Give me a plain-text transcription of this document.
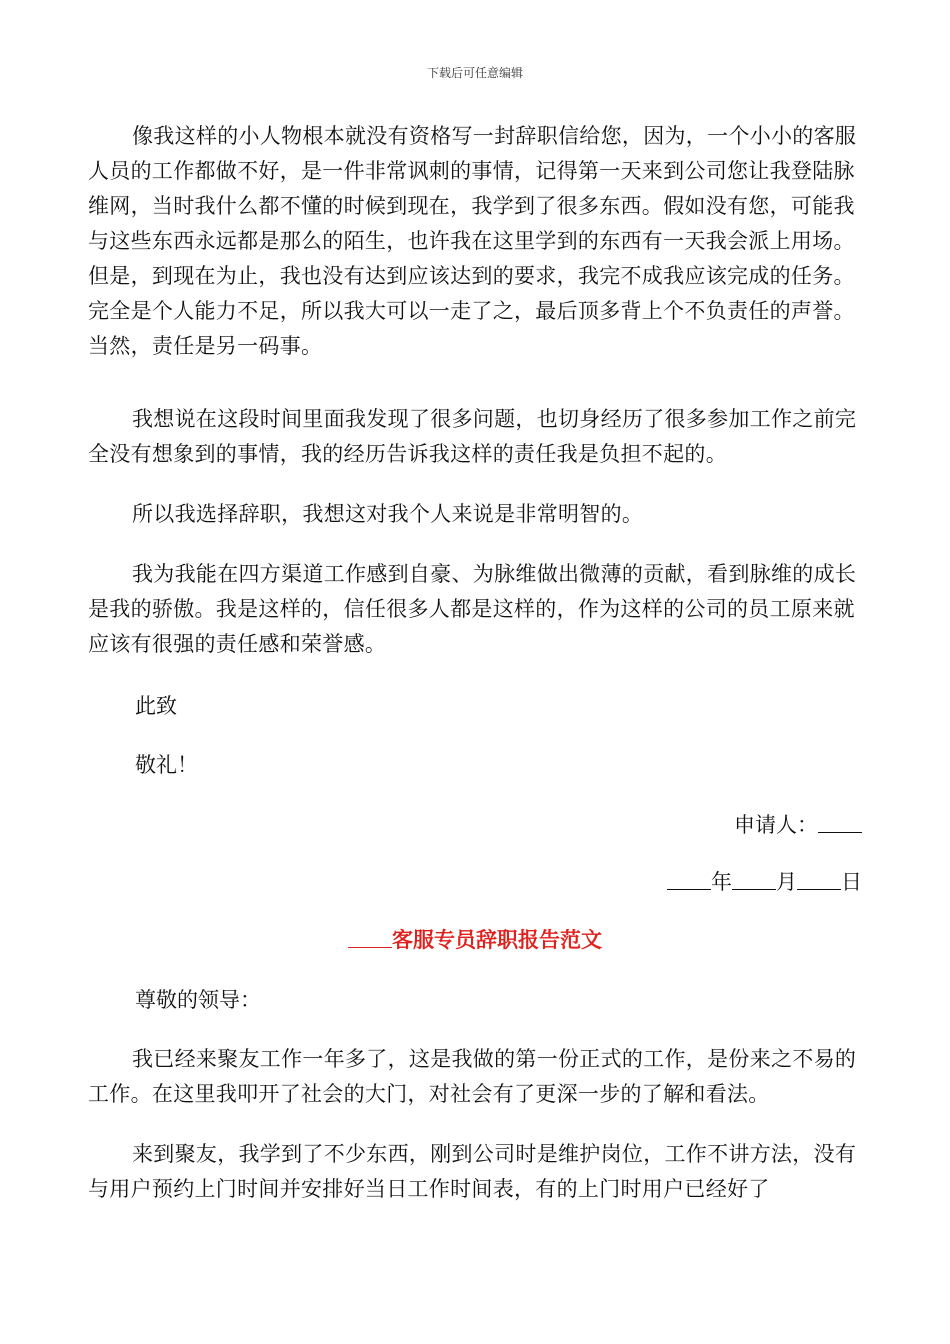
下载后可任意编辑

像我这样的小人物根本就没有资格写一封辞职信给您，因为，一个小小的客服人员的工作都做不好，是一件非常讽刺的事情，记得第一天来到公司您让我登陆脉维网，当时我什么都不懂的时候到现在，我学到了很多东西。假如没有您，可能我与这些东西永远都是那么的陌生，也许我在这里学到的东西有一天我会派上用场。但是，到现在为止，我也没有达到应该达到的要求，我完不成我应该完成的任务。完全是个人能力不足，所以我大可以一走了之，最后顶多背上个不负责任的声誉。当然，责任是另一码事。

我想说在这段时间里面我发现了很多问题，也切身经历了很多参加工作之前完全没有想象到的事情，我的经历告诉我这样的责任我是负担不起的。

所以我选择辞职，我想这对我个人来说是非常明智的。

我为我能在四方渠道工作感到自豪、为脉维做出微薄的贡献，看到脉维的成长是我的骄傲。我是这样的，信任很多人都是这样的，作为这样的公司的员工原来就应该有很强的责任感和荣誉感。

此致

敬礼！

申请人：

年 月 日

客服专员辞职报告范文

尊敬的领导：

我已经来聚友工作一年多了，这是我做的第一份正式的工作，是份来之不易的工作。在这里我叩开了社会的大门，对社会有了更深一步的了解和看法。

来到聚友，我学到了不少东西，刚到公司时是维护岗位，工作不讲方法，没有与用户预约上门时间并安排好当日工作时间表，有的上门时用户已经好了
